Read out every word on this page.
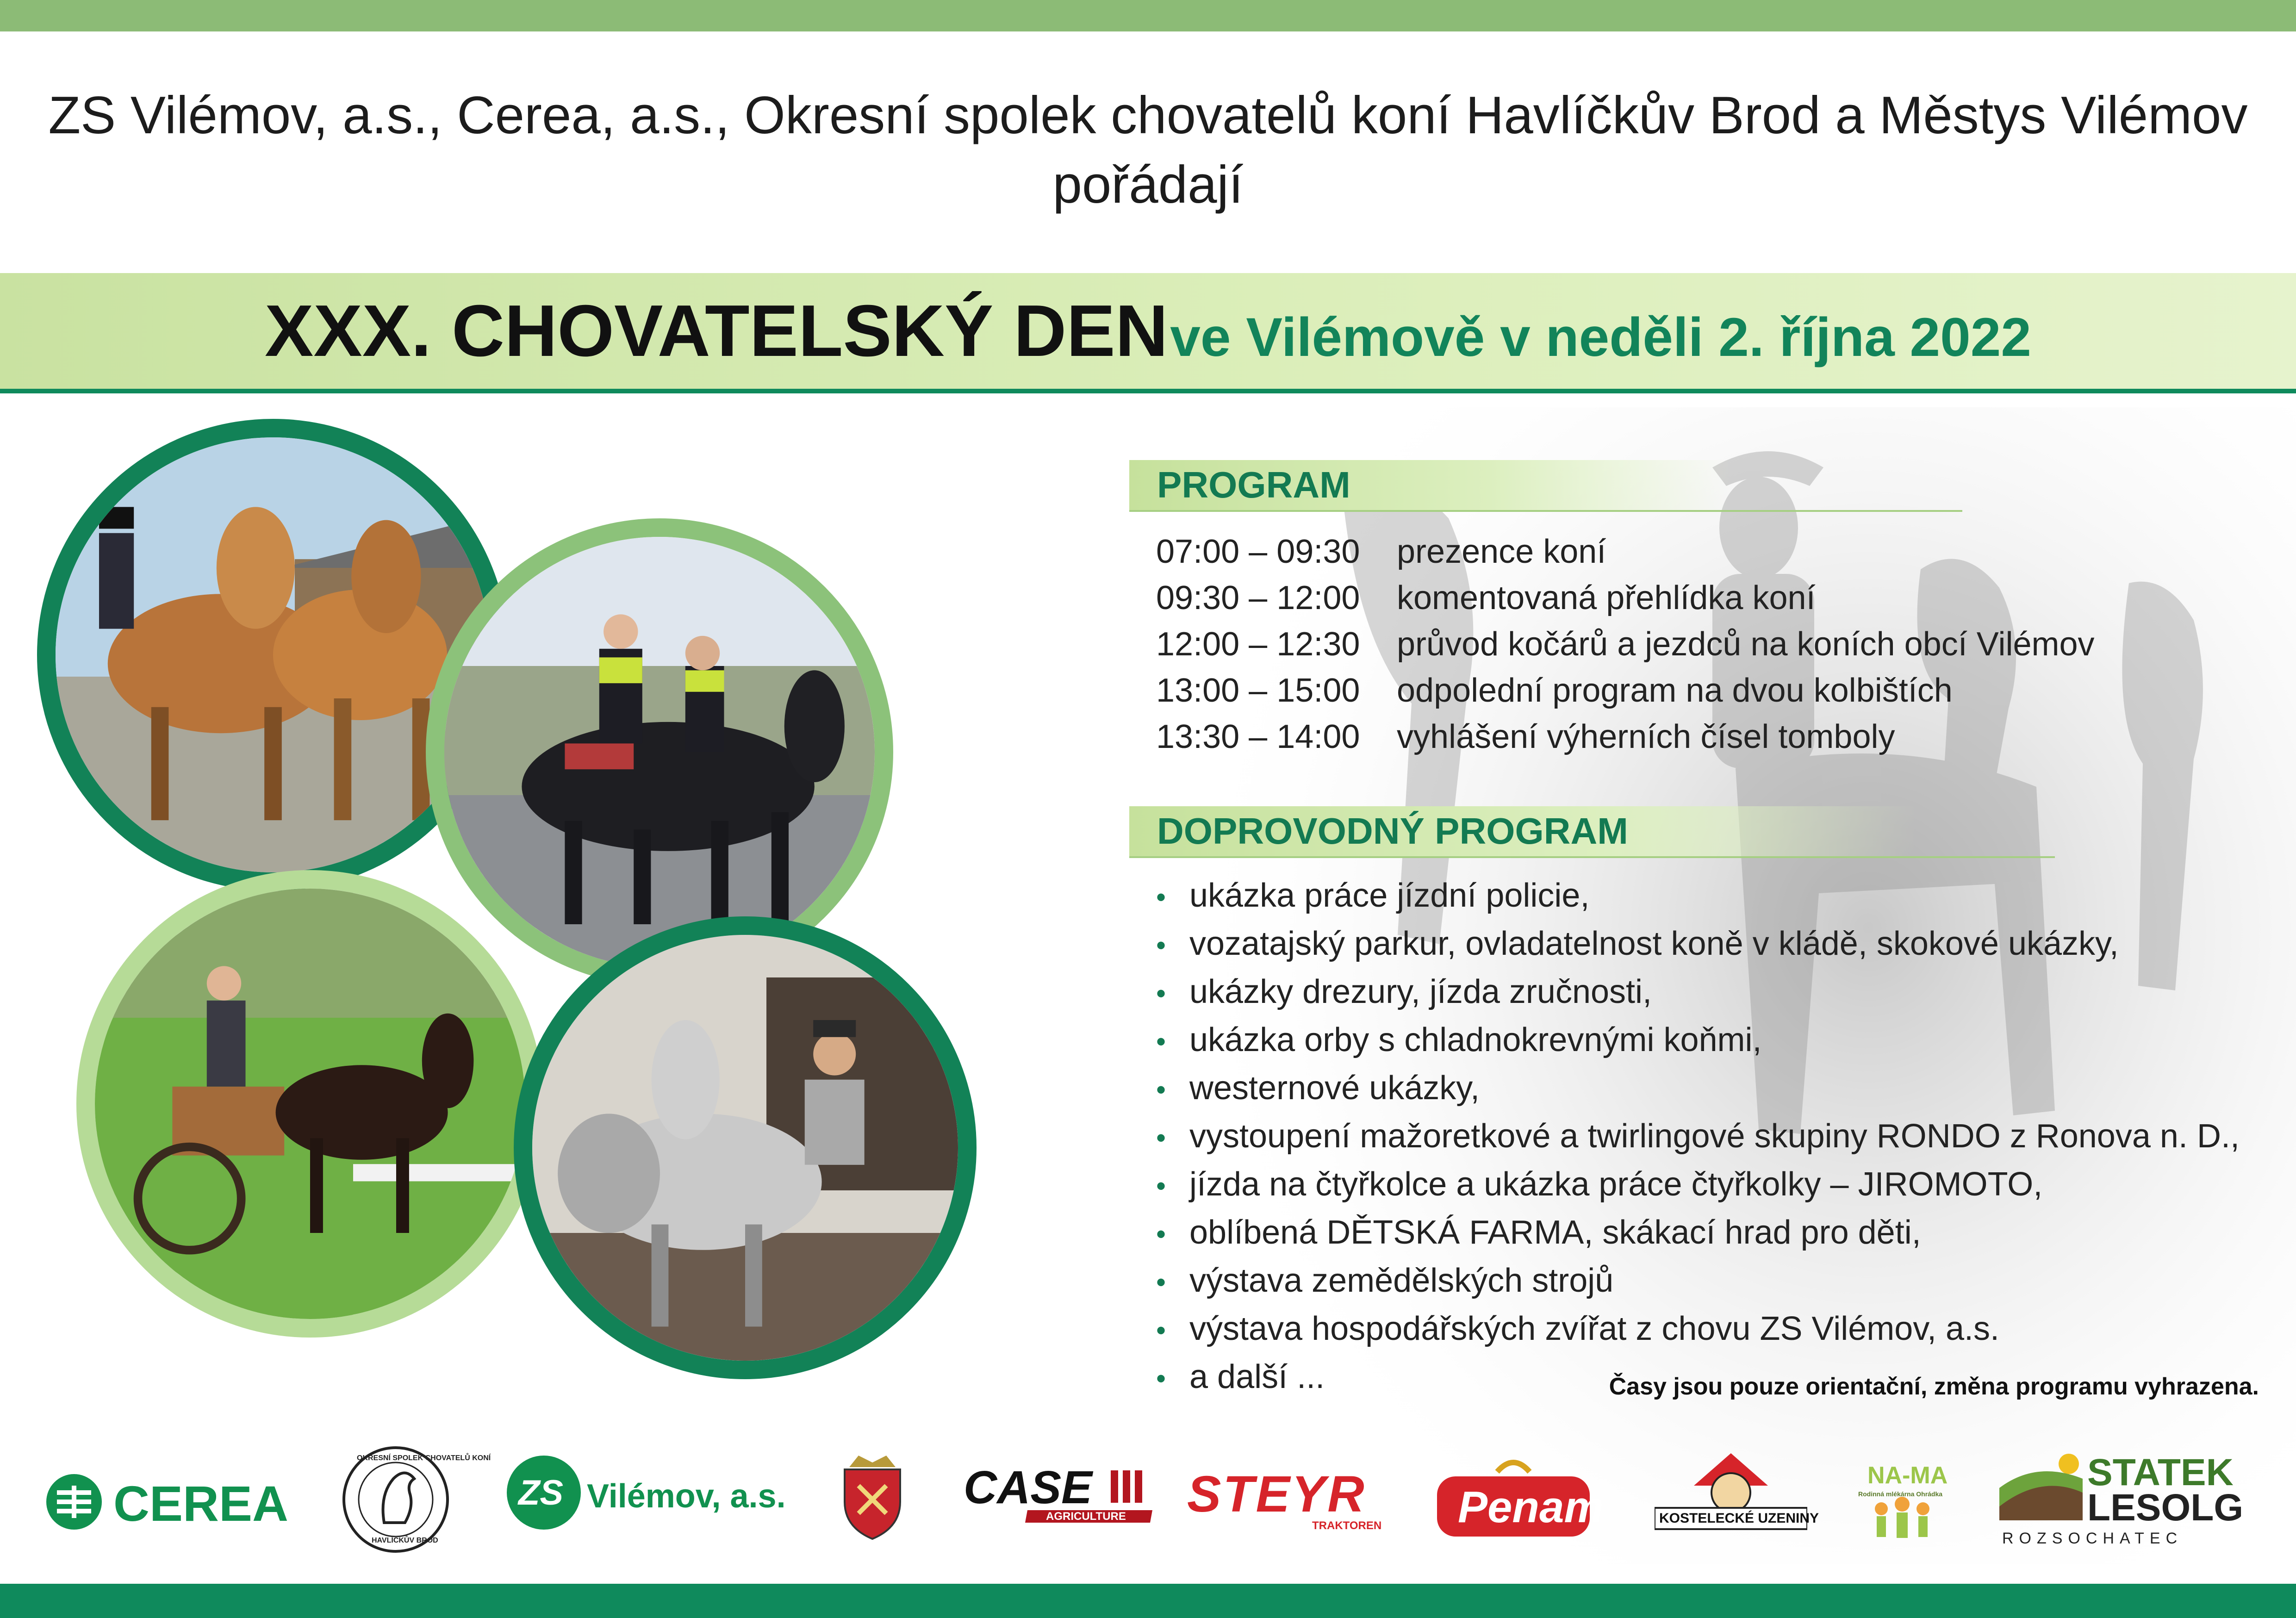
ZS Vilémov, a.s., Cerea, a.s., Okresní spolek chovatelů koní Havlíčkův Brod a Městys Vilémov
pořádají
XXX. CHOVATELSKÝ DEN ve Vilémově v neděli 2. října 2022
PROGRAM
07:00 – 09:30 prezence koní
09:30 – 12:00 komentovaná přehlídka koní
12:00 – 12:30 průvod kočárů a jezdců na koních obcí Vilémov
13:00 – 15:00 odpolední program na dvou kolbištích
13:30 – 14:00 vyhlášení výherních čísel tomboly
DOPROVODNÝ PROGRAM
• ukázka práce jízdní policie,
• vozatajský parkur, ovladatelnost koně v kládě, skokové ukázky,
• ukázky drezury, jízda zručnosti,
• ukázka orby s chladnokrevnými koňmi,
• westernové ukázky,
• vystoupení mažoretkové a twirlingové skupiny RONDO z Ronova n. D.,
• jízda na čtyřkolce a ukázka práce čtyřkolky – JIROMOTO,
• oblíbená DĚTSKÁ FARMA, skákací hrad pro děti,
• výstava zemědělských strojů
• výstava hospodářských zvířat z chovu ZS Vilémov, a.s.
• a další ...	Časy jsou pouze orientační, změna programu vyhrazena.
CEREA
OKRESNÍ SPOLEK CHOVATELŮ KONÍ
HAVLÍČKŮV BROD
ZS Vilémov, a.s.	CASE
AGRICULTURE STEYR
TRAKTOREN Penam	KOSTELECKÉ UZENINY
NA-MA
Rodinná mlékárna Ohrádka
STATEK
LESOLG
ROZSOCHATEC
